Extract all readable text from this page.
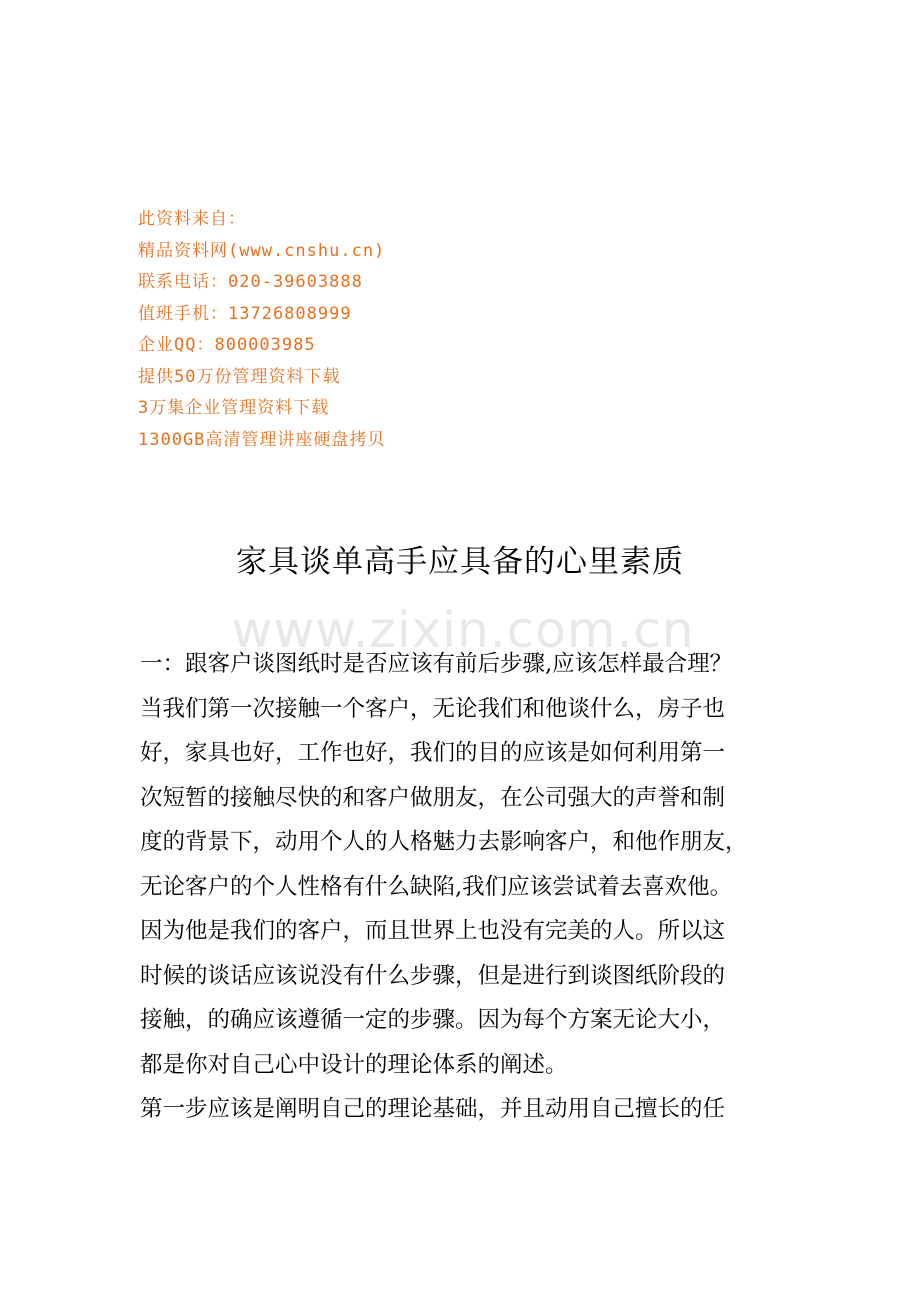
此资料来自：
精品资料网(www.cnshu.cn)
联系电话：020-39603888
值班手机：13726808999
企业QQ：800003985
提供50万份管理资料下载
3万集企业管理资料下载
1300GB高清管理讲座硬盘拷贝
家具谈单高手应具备的心里素质
www.zixin.com.cn
一：跟客户谈图纸时是否应该有前后步骤,应该怎样最合理？
当我们第一次接触一个客户，无论我们和他谈什么，房子也
好，家具也好，工作也好，我们的目的应该是如何利用第一
次短暂的接触尽快的和客户做朋友，在公司强大的声誉和制
度的背景下，动用个人的人格魅力去影响客户，和他作朋友，
无论客户的个人性格有什么缺陷,我们应该尝试着去喜欢他。
因为他是我们的客户，而且世界上也没有完美的人。所以这
时候的谈话应该说没有什么步骤，但是进行到谈图纸阶段的
接触，的确应该遵循一定的步骤。因为每个方案无论大小，
都是你对自己心中设计的理论体系的阐述。
第一步应该是阐明自己的理论基础，并且动用自己擅长的任
